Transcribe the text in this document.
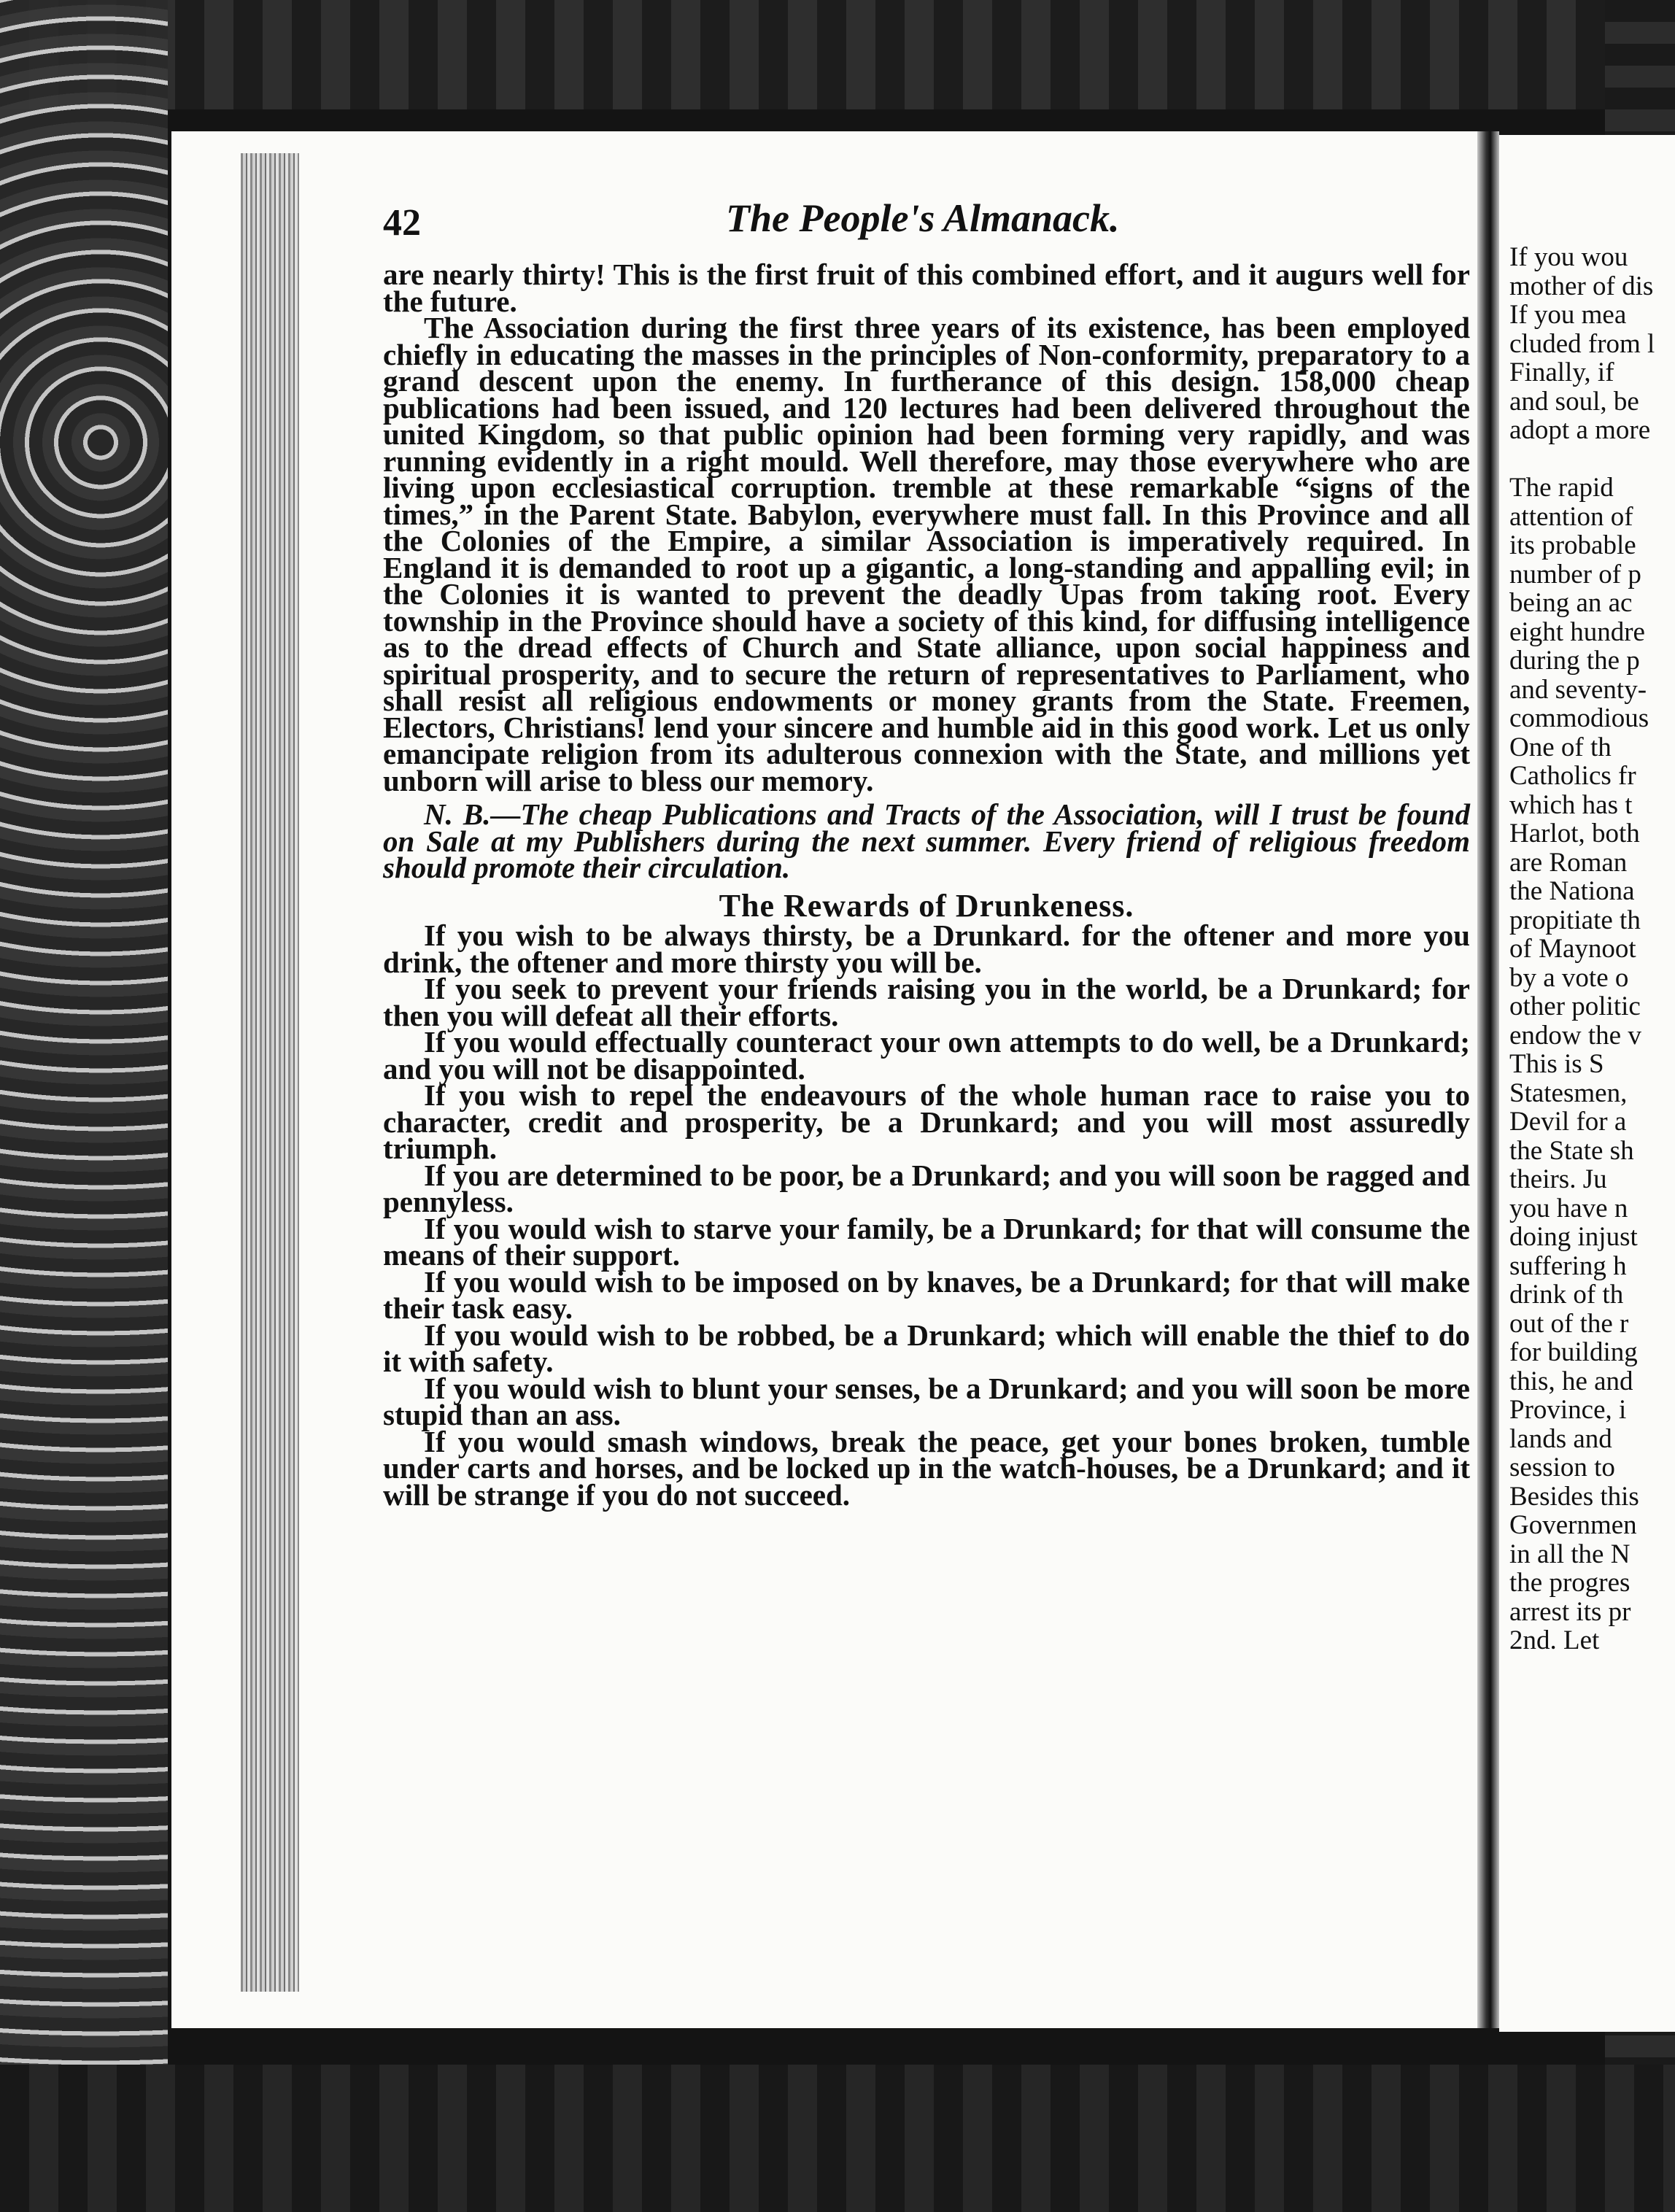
42	The People's Almanack.

are nearly thirty! This is the first fruit of this combined effort, and it augurs well for the future.

The Association during the first three years of its existence, has been employed chiefly in educating the masses in the principles of Non-conformity, preparatory to a grand descent upon the enemy. In furtherance of this design. 158,000 cheap publications had been issued, and 120 lectures had been delivered throughout the united Kingdom, so that public opinion had been forming very rapidly, and was running evidently in a right mould. Well therefore, may those everywhere who are living upon ecclesiastical corruption. tremble at these remarkable “signs of the times,” in the Parent State. Babylon, everywhere must fall. In this Province and all the Colonies of the Empire, a similar Association is imperatively required. In England it is demanded to root up a gigantic, a long-standing and appalling evil; in the Colonies it is wanted to prevent the deadly Upas from taking root. Every township in the Province should have a society of this kind, for diffusing intelligence as to the dread effects of Church and State alliance, upon social happiness and spiritual prosperity, and to secure the return of representatives to Parliament, who shall resist all religious endowments or money grants from the State. Freemen, Electors, Christians! lend your sincere and humble aid in this good work. Let us only emancipate religion from its adulterous connexion with the State, and millions yet unborn will arise to bless our memory.

N. B.—The cheap Publications and Tracts of the Association, will I trust be found on Sale at my Publishers during the next summer. Every friend of religious freedom should promote their circulation.

The Rewards of Drunkeness.

If you wish to be always thirsty, be a Drunkard. for the oftener and more you drink, the oftener and more thirsty you will be.

If you seek to prevent your friends raising you in the world, be a Drunkard; for then you will defeat all their efforts.

If you would effectually counteract your own attempts to do well, be a Drunkard; and you will not be disappointed.

If you wish to repel the endeavours of the whole human race to raise you to character, credit and prosperity, be a Drunkard; and you will most assuredly triumph.

If you are determined to be poor, be a Drunkard; and you will soon be ragged and pennyless.

If you would wish to starve your family, be a Drunkard; for that will consume the means of their support.

If you would wish to be imposed on by knaves, be a Drunkard; for that will make their task easy.

If you would wish to be robbed, be a Drunkard; which will enable the thief to do it with safety.

If you would wish to blunt your senses, be a Drunkard; and you will soon be more stupid than an ass.

If you would smash windows, break the peace, get your bones broken, tumble under carts and horses, and be locked up in the watch-houses, be a Drunkard; and it will be strange if you do not succeed.

If you wou
mother of dis
If you mea
cluded from l
Finally, if
and soul, be
adopt a more
The rapid
attention of
its probable
number of p
being an ac
eight hundre
during the p
and seventy-
commodious
One of th
Catholics fr
which has t
Harlot, both
are Roman
the Nationa
propitiate th
of Maynoot
by a vote o
other politic
endow the v
This is S
Statesmen,
Devil for a
the State sh
theirs. Ju
you have n
doing injust
suffering h
drink of th
out of the r
for building
this, he and
Province, i
lands and
session to
Besides this
Governmen
in all the N
the progres
arrest its pr
2nd. Let
